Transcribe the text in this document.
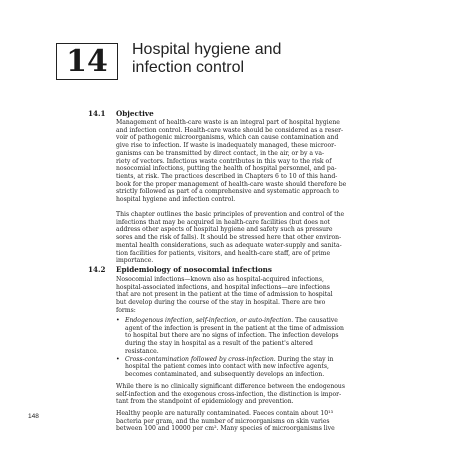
14 Hospital hygiene and
infection control
14.1 Objective
Management of health-care waste is an integral part of hospital hygiene
and infection control. Health-care waste should be considered as a reser-
voir of pathogenic microorganisms, which can cause contamination and
give rise to infection. If waste is inadequately managed, these microor-
ganisms can be transmitted by direct contact, in the air, or by a va-
riety of vectors. Infectious waste contributes in this way to the risk of
nosocomial infections, putting the health of hospital personnel, and pa-
tients, at risk. The practices described in Chapters 6 to 10 of this hand-
book for the proper management of health-care waste should therefore be
strictly followed as part of a comprehensive and systematic approach to
hospital hygiene and infection control.
This chapter outlines the basic principles of prevention and control of the
infections that may be acquired in health-care facilities (but does not
address other aspects of hospital hygiene and safety such as pressure
sores and the risk of falls). It should be stressed here that other environ-
mental health considerations, such as adequate water-supply and sanita-
tion facilities for patients, visitors, and health-care staff, are of prime
importance.
14.2 Epidemiology of nosocomial infections
Nosocomial infections—known also as hospital-acquired infections,
hospital-associated infections, and hospital infections—are infections
that are not present in the patient at the time of admission to hospital
but develop during the course of the stay in hospital. There are two
forms:
• Endogenous infection, self-infection, or auto-infection. The causative
agent of the infection is present in the patient at the time of admission
to hospital but there are no signs of infection. The infection develops
during the stay in hospital as a result of the patient's altered
resistance.
• Cross-contamination followed by cross-infection. During the stay in
hospital the patient comes into contact with new infective agents,
becomes contaminated, and subsequently develops an infection.
While there is no clinically significant difference between the endogenous
self-infection and the exogenous cross-infection, the distinction is impor-
tant from the standpoint of epidemiology and prevention.
Healthy people are naturally contaminated. Faeces contain about 10¹³
bacteria per gram, and the number of microorganisms on skin varies
between 100 and 10000 per cm². Many species of microorganisms live
148
